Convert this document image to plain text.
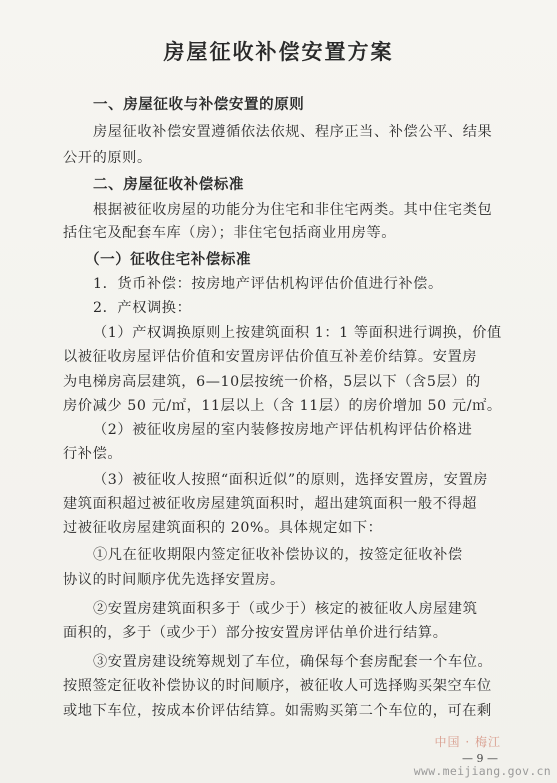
房屋征收补偿安置方案
一、房屋征收与补偿安置的原则
房屋征收补偿安置遵循依法依规、程序正当、补偿公平、结果
公开的原则。
二、房屋征收补偿标准
根据被征收房屋的功能分为住宅和非住宅两类。其中住宅类包
括住宅及配套车库（房）；非住宅包括商业用房等。
（一）征收住宅补偿标准
1．货币补偿：按房地产评估机构评估价值进行补偿。
2．产权调换：
（1）产权调换原则上按建筑面积 1：1 等面积进行调换，价值
以被征收房屋评估价值和安置房评估价值互补差价结算。安置房
为电梯房高层建筑，6—10层按统一价格，5层以下（含5层）的
房价减少 50 元/㎡，11层以上（含 11层）的房价增加 50 元/㎡。
（2）被征收房屋的室内装修按房地产评估机构评估价格进
行补偿。
（3）被征收人按照“面积近似”的原则，选择安置房，安置房
建筑面积超过被征收房屋建筑面积时，超出建筑面积一般不得超
过被征收房屋建筑面积的 20%。具体规定如下：
①凡在征收期限内签定征收补偿协议的，按签定征收补偿
协议的时间顺序优先选择安置房。
②安置房建筑面积多于（或少于）核定的被征收人房屋建筑
面积的，多于（或少于）部分按安置房评估单价进行结算。
③安置房建设统筹规划了车位，确保每个套房配套一个车位。
按照签定征收补偿协议的时间顺序，被征收人可选择购买架空车位
或地下车位，按成本价评估结算。如需购买第二个车位的，可在剩
中国 · 梅江
— 9 —
www.meijiang.gov.cn
